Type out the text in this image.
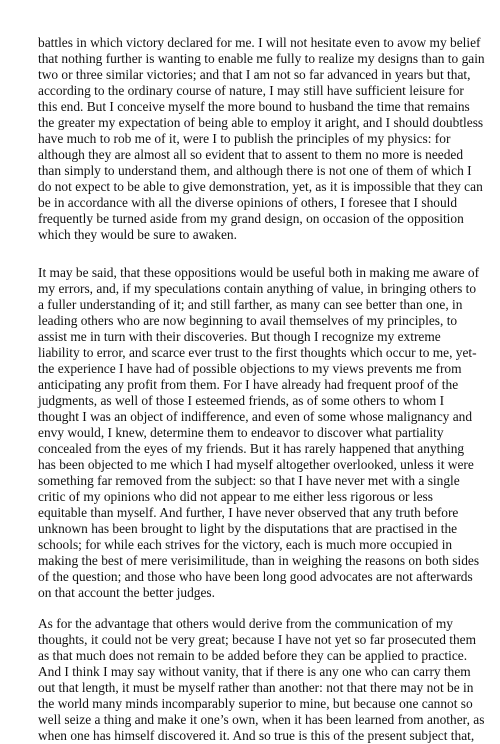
battles in which victory declared for me. I will not hesitate even to avow my belief
that nothing further is wanting to enable me fully to realize my designs than to gain
two or three similar victories; and that I am not so far advanced in years but that,
according to the ordinary course of nature, I may still have sufficient leisure for
this end. But I conceive myself the more bound to husband the time that remains
the greater my expectation of being able to employ it aright, and I should doubtless
have much to rob me of it, were I to publish the principles of my physics: for
although they are almost all so evident that to assent to them no more is needed
than simply to understand them, and although there is not one of them of which I
do not expect to be able to give demonstration, yet, as it is impossible that they can
be in accordance with all the diverse opinions of others, I foresee that I should
frequently be turned aside from my grand design, on occasion of the opposition
which they would be sure to awaken.
It may be said, that these oppositions would be useful both in making me aware of
my errors, and, if my speculations contain anything of value, in bringing others to
a fuller understanding of it; and still farther, as many can see better than one, in
leading others who are now beginning to avail themselves of my principles, to
assist me in turn with their discoveries. But though I recognize my extreme
liability to error, and scarce ever trust to the first thoughts which occur to me, yet-
the experience I have had of possible objections to my views prevents me from
anticipating any profit from them. For I have already had frequent proof of the
judgments, as well of those I esteemed friends, as of some others to whom I
thought I was an object of indifference, and even of some whose malignancy and
envy would, I knew, determine them to endeavor to discover what partiality
concealed from the eyes of my friends. But it has rarely happened that anything
has been objected to me which I had myself altogether overlooked, unless it were
something far removed from the subject: so that I have never met with a single
critic of my opinions who did not appear to me either less rigorous or less
equitable than myself. And further, I have never observed that any truth before
unknown has been brought to light by the disputations that are practised in the
schools; for while each strives for the victory, each is much more occupied in
making the best of mere verisimilitude, than in weighing the reasons on both sides
of the question; and those who have been long good advocates are not afterwards
on that account the better judges.
As for the advantage that others would derive from the communication of my
thoughts, it could not be very great; because I have not yet so far prosecuted them
as that much does not remain to be added before they can be applied to practice.
And I think I may say without vanity, that if there is any one who can carry them
out that length, it must be myself rather than another: not that there may not be in
the world many minds incomparably superior to mine, but because one cannot so
well seize a thing and make it one’s own, when it has been learned from another, as
when one has himself discovered it. And so true is this of the present subject that,
